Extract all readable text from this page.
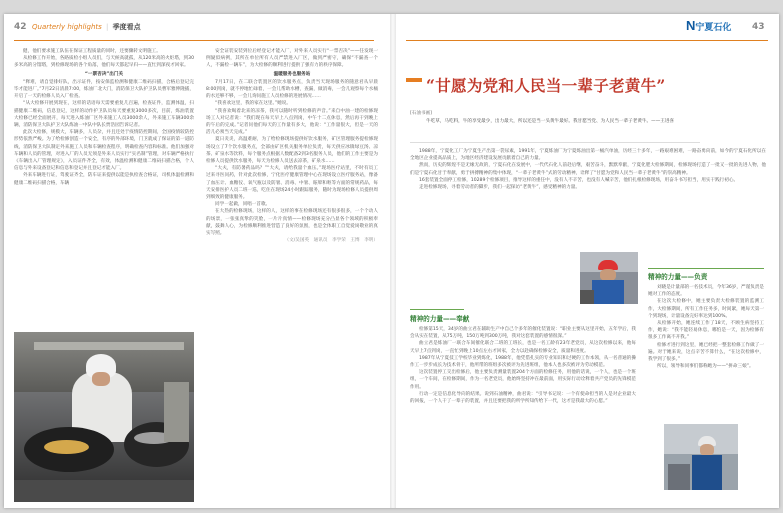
42 Quarterly highlights | 季度看点

健，他们要求施工队伍在保证工程质量的同时，还要骤转文明施工。

从检修工作开始，各路质检小组人员们，与天候高就孤，从120米高的火炬塔，到30多米高的分馏塔，到检修现场的各个角落，他们每天都起早归——直忙到深夜才回家。

“一票否决”出门关

“释难，请自觉排好队，出示证件，按安保监检测和健康二维码扫描，合格后登记完毕才能进厂。”7月22日清晨7:00，炼油厂北大门，消防保卫大队护卫队员曹军雅伸隆插，开启了一天的检修人员入厂检查。

“从大检修开展到现在，这样的话语每天需要重复几百遍，检查证件，监测体温，扫描健康二维码，信息登记，这样的动作护卫队员每天要重复3000多次，目前，炼油装置大检修已经全面展开，每天进入炼油厂区外来施工人员3000余人，外来施工车辆300余辆，消防保卫大队护卫大队炼油一中队中队长贾浩园告诉记者。

此次大检修，规模大，车辆多，人员杂，并且还处于疫情防控期间，全国疫情较防控形势依然严峻。为了给检修创造一个安全，有序的外部环境，门卫就成了保证的第一道防线，消防保卫大队制定外来施工人员和车辆检查程序，明确检查内容和标准。他们加强对车辆和人员的管理，对进入厂的人员无须是外来人员实行“实名制”管理，对车辆严格执行《车辆出入厂管理规定》，入员证件齐全，有效，体温检测和健康二维码扫描合格，个人信息与外来设备登记和信息和登记并且登记才能入厂。

外来车辆进行证，驾驶证齐全，防车证来提供以能是执检查合格证，司机体温检测和健康二维码扫描合格，车辆

安全证装安装到位后经登记才能入厂，对外来人员实行“一票否决”——任发现一例疑似病例，其所在单位所有人员严禁进入厂区，做到严密守，确保“不漏查一个人，不漏检一辆车”，为大检修的顺利进行提供了强有力的秩序保障。

温暖服务也服务站

7月17日，在二联合装置区的饮水服务点，负责当天现场服务的随意君从早晨8:00到岗，就不停地忙碌着，一会儿帮助水槽，查漏，做消毒，一会儿观察每个水桶的水还够不够，一会儿询问施工人员检修的进展情况……

“我喜欢这里，我的家在这里。”她说。

“我喜欢喝着北来的凉茶，我可以随时听到检修的声音。”来自中油一建的检修现场工人对记者说：“我们现在每天早上八点到岗，中午十二点休息，然后再干到晚上的午后的完成。”记者问他们每天的工作量有多大，他说：“工作量很大，但是一天的活儿必须当天完成。”

夏日炎炎，高温难耐，为了给检修现场提供好饮水服务，矿区管理服务提检修现场设立了7个饮水服务点，全部由矿区机关服务单位负责，每天供应冰镇绿豆汤、凉茶、矿泉水等饮料，每个服务点根据人数配备2到3名服务人员，他们的工作主要是为检修人员提供饮水服务，每天为检修人员送去凉茶，矿泉水……

“大夫，有防暑药品吗？”“大夫，请给我量个血压。”现场医疗站里，不时有员工过来寻医问药，针对此次检修，宁化医疗健康管理中心在现场设立医疗服务站，像备了血压计、血糖仪、氧气瓶以及防暑、消毒、中暑、眩晕和呕等方面的常规药品，每天安排医护人员二班一巡，吃住在现场24小时跟踪服务，随时为现场检修人员提供周到细致的健康服务。

同学一起做，同唱一首歌。

在大热的检修现场，这样的人，这样的事在检修现场还有很多很多，一个个动人的场景，一张张真挚的笑脸，一片片真情——检修现场充分凸显各个领域的积极奉献，鼓舞人心，为检修顺利推进营造了良好的氛围，也是全体职工自觉爱岗敬业的真实写照。

（文/吴国英　通讯员　李学荣　王博　李明）
N宁夏石化 43
“甘愿为党和人民当一辈子老黄牛”
[石油书画]

牛吃草，马吃料，牛的享受最少，出力最大，所以还是当一头黄牛最好。我甘愿当党、为人民当一辈子老黄牛。——王进喜

1988年，宁夏化工厂为宁夏生产出第一袋尿素，1991年，宁夏炼油厂为宁夏炼油出第一桶汽单油，历经三十多年，一路艰难困难，一路奋勇向前，如今的宁夏石化所以在全地区企业提高品质上，为地区经济建设发展贡献着自己的力量。

然而，历史的辉煌不是无缘无故的，宁夏石化在发展中，一代代石化人前赴后继，艰苦奋斗，默默奉献，宁夏化肥大检修期间，检修现场打造了一批又一批的先进人物，他们是宁夏石化甘于奉献，勇于拼搏精神的集中体现，“一辈子老黄牛”式的劳动精神，诠释了“甘愿为党和人民当一辈子老黄牛”的崇高精神。

16套装置全面停工检修，10289个检修项目，推导这样的重任中，没有人不辛苦，也没有人喊辛苦，他们扎根检修现场，用奋斗书写担当，用实干践行初心。

走进检修现场，寻着劳动者的脚步，我们一起探访“老黄牛”，感受精神的力量。

精神的力量——奉献

检修第15天，34岁的曲立君在辅助生产中自己个多年的催化装置说：“职业主要从这里开始，五年学后，我会从实在装置，从75万吨，150万吨到300万吨，我对这套装置的感情很深。”

曲立君是炼油厂一联合车间催化联合二班的工班长，也是一名工龄有23年老党员，从这次检修以来，他每天早上7点到岗，一直忙到晚上10点左右才回家，全力以赴确保检修安全，质量和进度。

1987年从宁夏技工学校毕业到炼化，1988年，他凭借扎实的专业知识和过硬的工作本领，从一名普通的操作工一步步成长为技术骨干，他所带的班组多次被评为先进班组，他本人也多次被评为劳动模范。

这次装置停工交出检修后，他主要负责测量装置204个方面的检修任务，用他的话说，一个人，也是一个班组，一个车间，在检修期间，作为一名老党员，他始终坚持冲在最前面，用实际行动诠释着共产党员的先锋模范作用。

行动一定是信息化导向的结果。说到石油精神，曲君说：“引导书记说：一个有使命担当的人是对企业最大的回报，一个人干了一辈子的装置，并且还要把我的所学所知传给下一代，这才是我最大的心愿。”

精神的力量——负责

刘晓是计量部的一名技术员，今年36岁，严谨负责是她对工作的态度。

在这次大检修中，她主要负责大检修装置的监测工作，大检修期间，所有工作任务多，时间紧，她每天第一个到现场，计量设备完好率达到100%。

从检修开始，她连续工作了18天，不顾生病坚持工作，她说：“我不能轻易休息，哪怕是一天，因为检修有很多工作离不开我。”

检修才进行到这里，她已经把一整套检修工作做了一遍。对于她来说，这点辛苦不算什么，“在这次检修中，我学到了很多。”

所以，领导和同事们都称她为——“拼命三娘”。
